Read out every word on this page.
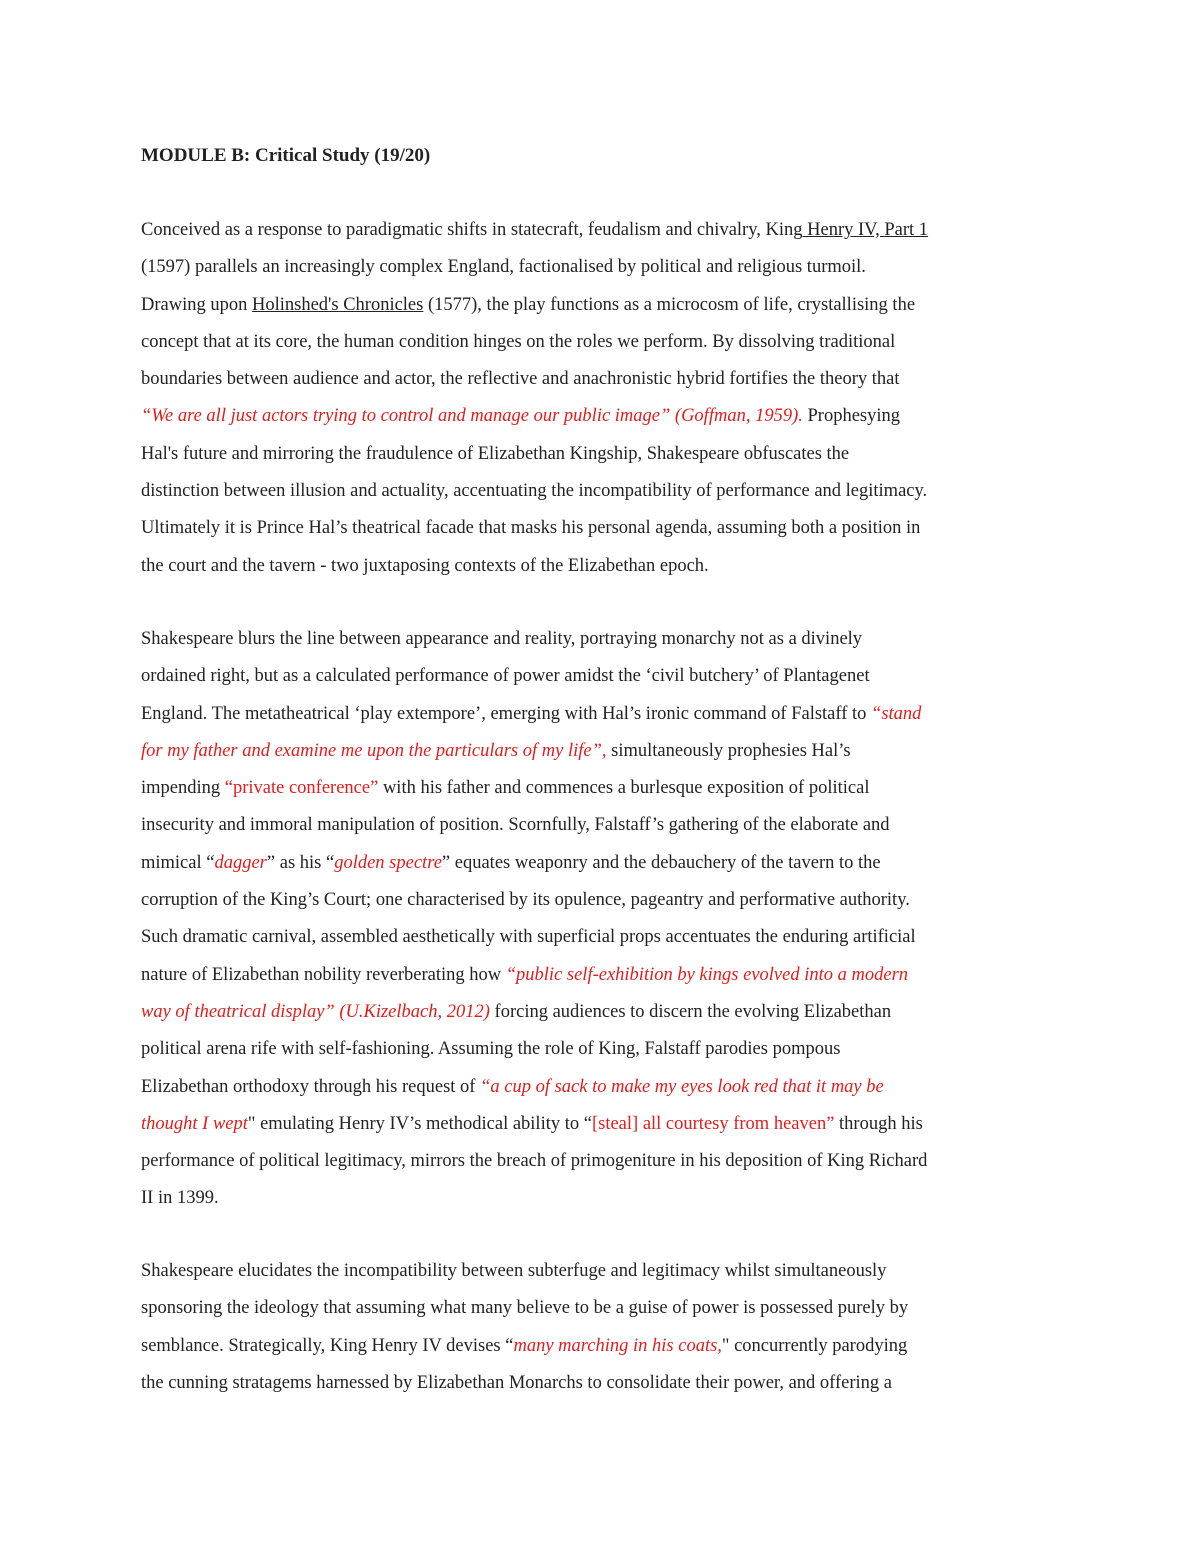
MODULE B: Critical Study (19/20)
Conceived as a response to paradigmatic shifts in statecraft, feudalism and chivalry, King Henry IV, Part 1
(1597) parallels an increasingly complex England, factionalised by political and religious turmoil.
Drawing upon Holinshed's Chronicles (1577), the play functions as a microcosm of life, crystallising the
concept that at its core, the human condition hinges on the roles we perform. By dissolving traditional
boundaries between audience and actor, the reflective and anachronistic hybrid fortifies the theory that
“We are all just actors trying to control and manage our public image” (Goffman, 1959). Prophesying
Hal's future and mirroring the fraudulence of Elizabethan Kingship, Shakespeare obfuscates the
distinction between illusion and actuality, accentuating the incompatibility of performance and legitimacy.
Ultimately it is Prince Hal’s theatrical facade that masks his personal agenda, assuming both a position in
the court and the tavern - two juxtaposing contexts of the Elizabethan epoch.
Shakespeare blurs the line between appearance and reality, portraying monarchy not as a divinely
ordained right, but as a calculated performance of power amidst the ‘civil butchery’ of Plantagenet
England. The metatheatrical ‘play extempore’, emerging with Hal’s ironic command of Falstaff to “stand
for my father and examine me upon the particulars of my life”, simultaneously prophesies Hal’s
impending “private conference” with his father and commences a burlesque exposition of political
insecurity and immoral manipulation of position. Scornfully, Falstaff’s gathering of the elaborate and
mimical “dagger” as his “golden spectre” equates weaponry and the debauchery of the tavern to the
corruption of the King’s Court; one characterised by its opulence, pageantry and performative authority.
Such dramatic carnival, assembled aesthetically with superficial props accentuates the enduring artificial
nature of Elizabethan nobility reverberating how “public self-exhibition by kings evolved into a modern
way of theatrical display” (U.Kizelbach, 2012) forcing audiences to discern the evolving Elizabethan
political arena rife with self-fashioning. Assuming the role of King, Falstaff parodies pompous
Elizabethan orthodoxy through his request of “a cup of sack to make my eyes look red that it may be
thought I wept" emulating Henry IV’s methodical ability to “[steal] all courtesy from heaven” through his
performance of political legitimacy, mirrors the breach of primogeniture in his deposition of King Richard
II in 1399.
Shakespeare elucidates the incompatibility between subterfuge and legitimacy whilst simultaneously
sponsoring the ideology that assuming what many believe to be a guise of power is possessed purely by
semblance. Strategically, King Henry IV devises “many marching in his coats," concurrently parodying
the cunning stratagems harnessed by Elizabethan Monarchs to consolidate their power, and offering a
